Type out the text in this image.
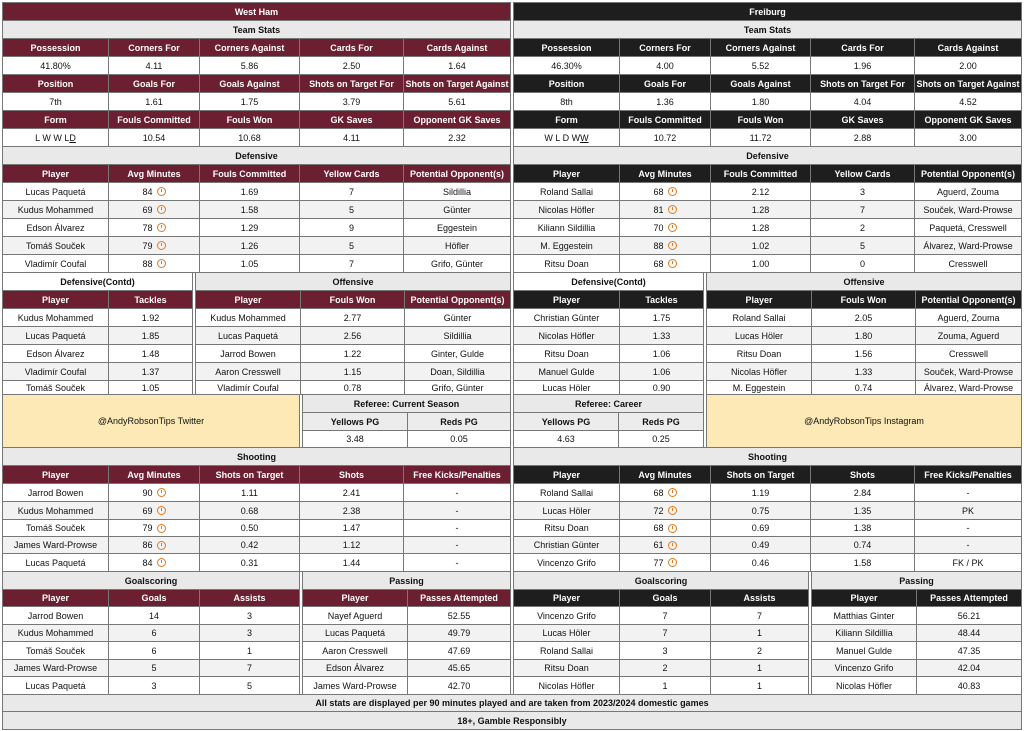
West Ham	Freiburg
Team Stats
Possession	Corners For	Corners Against	Cards For	Cards Against
41.80%	4.11	5.86	2.50	1.64
Position	Goals For	Goals Against	Shots on Target For	Shots on Target Against
7th	1.61	1.75	3.79	5.61
Form	Fouls Committed	Fouls Won	GK Saves	Opponent GK Saves
L W W L D	10.54	10.68	4.11	2.32
Team Stats
Possession	Corners For	Corners Against	Cards For	Cards Against
46.30%	4.00	5.52	1.96	2.00
Position	Goals For	Goals Against	Shots on Target For	Shots on Target Against
8th	1.36	1.80	4.04	4.52
Form	Fouls Committed	Fouls Won	GK Saves	Opponent GK Saves
W L D W W	10.72	11.72	2.88	3.00
Defensive
Player	Avg Minutes	Fouls Committed	Yellow Cards	Potential Opponent(s)
Lucas Paquetá	84	1.69	7	Sildillia
Kudus Mohammed	69	1.58	5	Günter
Edson Álvarez	78	1.29	9	Eggestein
Tomáš Souček	79	1.26	5	Höfler
Vladimír Coufal	88	1.05	7	Grifo, Günter
Defensive
Player	Avg Minutes	Fouls Committed	Yellow Cards	Potential Opponent(s)
Roland Sallai	68	2.12	3	Aguerd, Zouma
Nicolas Höfler	81	1.28	7	Souček, Ward-Prowse
Kiliann Sildillia	70	1.28	2	Paquetá, Cresswell
M. Eggestein	88	1.02	5	Álvarez, Ward-Prowse
Ritsu Doan	68	1.00	0	Cresswell
Defensive(Contd)
Player	Tackles
Kudus Mohammed	1.92
Lucas Paquetá	1.85
Edson Álvarez	1.48
Vladimír Coufal	1.37
Tomáš Souček	1.05
Offensive
Player	Fouls Won	Potential Opponent(s)
Kudus Mohammed	2.77	Günter
Lucas Paquetá	2.56	Sildillia
Jarrod Bowen	1.22	Ginter, Gulde
Aaron Cresswell	1.15	Doan, Sildillia
Vladimír Coufal	0.78	Grifo, Günter
Defensive(Contd)
Player	Tackles
Christian Günter	1.75
Nicolas Höfler	1.33
Ritsu Doan	1.06
Manuel Gulde	1.06
Lucas Höler	0.90
Offensive
Player	Fouls Won	Potential Opponent(s)
Roland Sallai	2.05	Aguerd, Zouma
Lucas Höler	1.80	Zouma, Aguerd
Ritsu Doan	1.56	Cresswell
Nicolas Höfler	1.33	Souček, Ward-Prowse
M. Eggestein	0.74	Álvarez, Ward-Prowse
@AndyRobsonTips Twitter	@AndyRobsonTips Instagram
Referee: Current Season
Yellows PG	Reds PG
3.48	0.05
Referee: Career
Yellows PG	Reds PG
4.63	0.25
Shooting
Player	Avg Minutes	Shots on Target	Shots	Free Kicks/Penalties
Jarrod Bowen	90	1.11	2.41	-
Kudus Mohammed	69	0.68	2.38	-
Tomáš Souček	79	0.50	1.47	-
James Ward-Prowse	86	0.42	1.12	-
Lucas Paquetá	84	0.31	1.44	-
Shooting
Player	Avg Minutes	Shots on Target	Shots	Free Kicks/Penalties
Roland Sallai	68	1.19	2.84	-
Lucas Höler	72	0.75	1.35	PK
Ritsu Doan	68	0.69	1.38	-
Christian Günter	61	0.49	0.74	-
Vincenzo Grifo	77	0.46	1.58	FK / PK
Goalscoring
Player	Goals	Assists
Jarrod Bowen	14	3
Kudus Mohammed	6	3
Tomáš Souček	6	1
James Ward-Prowse	5	7
Lucas Paquetá	3	5
Passing
Player	Passes Attempted
Nayef Aguerd	52.55
Lucas Paquetá	49.79
Aaron Cresswell	47.69
Edson Álvarez	45.65
James Ward-Prowse	42.70
Goalscoring
Player	Goals	Assists
Vincenzo Grifo	7	7
Lucas Höler	7	1
Roland Sallai	3	2
Ritsu Doan	2	1
Nicolas Höfler	1	1
Passing
Player	Passes Attempted
Matthias Ginter	56.21
Kiliann Sildillia	48.44
Manuel Gulde	47.35
Vincenzo Grifo	42.04
Nicolas Höfler	40.83
All stats are displayed per 90 minutes played and are taken from 2023/2024 domestic games
18+, Gamble Responsibly
